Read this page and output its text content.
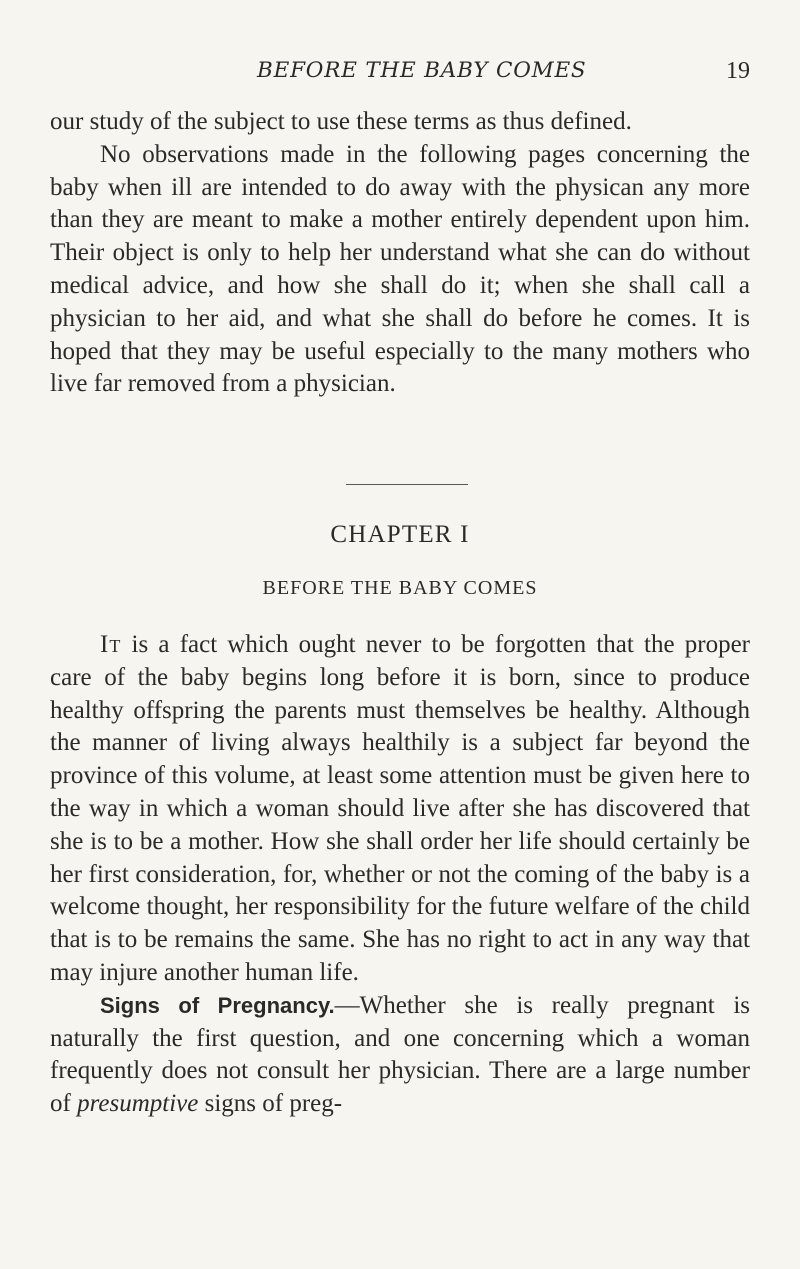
BEFORE THE BABY COMES	19

our study of the subject to use these terms as thus defined.

No observations made in the following pages concerning the baby when ill are intended to do away with the physican any more than they are meant to make a mother entirely dependent upon him. Their object is only to help her understand what she can do without medical advice, and how she shall do it; when she shall call a physician to her aid, and what she shall do before he comes. It is hoped that they may be useful especially to the many mothers who live far removed from a physician.

CHAPTER I
BEFORE THE BABY COMES

It is a fact which ought never to be forgotten that the proper care of the baby begins long before it is born, since to produce healthy offspring the parents must themselves be healthy. Although the manner of living always healthily is a subject far beyond the province of this volume, at least some attention must be given here to the way in which a woman should live after she has discovered that she is to be a mother. How she shall order her life should certainly be her first consideration, for, whether or not the coming of the baby is a welcome thought, her responsibility for the future welfare of the child that is to be remains the same. She has no right to act in any way that may injure another human life.

Signs of Pregnancy.—Whether she is really pregnant is naturally the first question, and one concerning which a woman frequently does not consult her physician. There are a large number of presumptive signs of preg-
